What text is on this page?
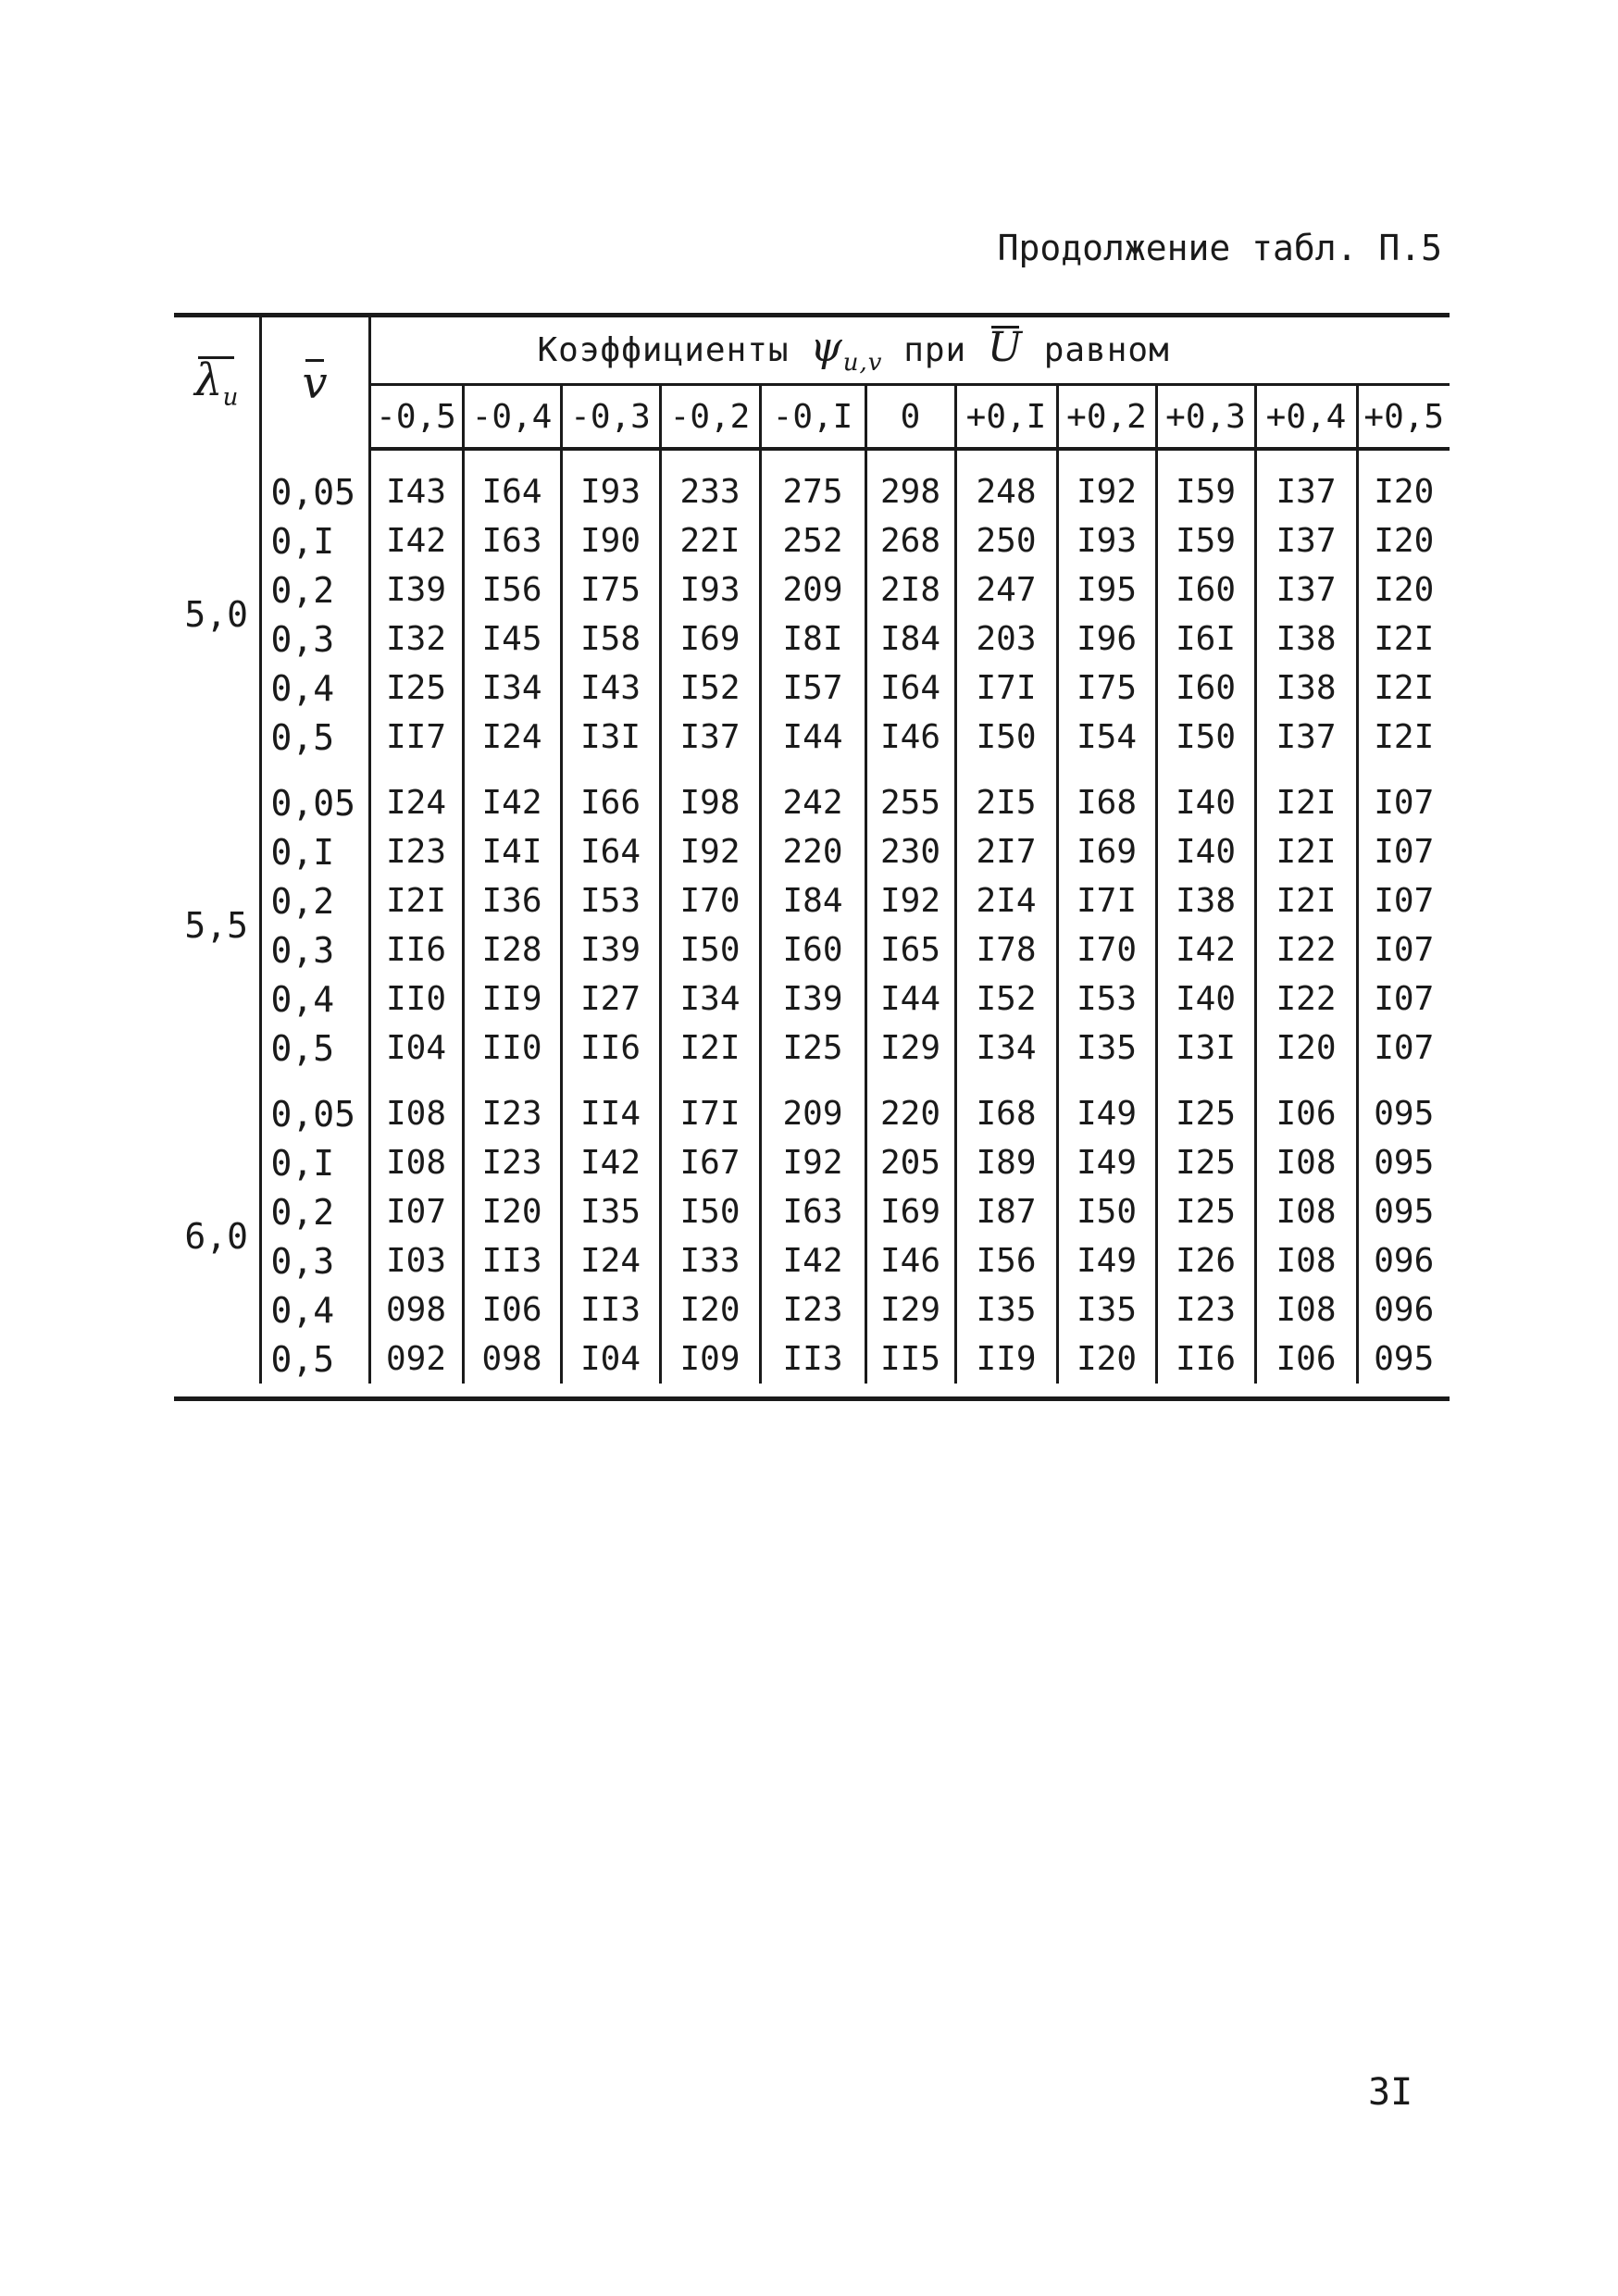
Продолжение табл. П.5
$\lambda_u$	v	Коэффициенты $\psi_{u,v}$ при U равном										
		-0,5	-0,4	-0,3	-0,2	-0,I	0	+0,I	+0,2	+0,3	+0,4	+0,5

5,0	0,05	I43	I64	I93	233	275	298	248	I92	I59	I37	I20
	0,I	I42	I63	I90	22I	252	268	250	I93	I59	I37	I20
	0,2	I39	I56	I75	I93	209	2I8	247	I95	I60	I37	I20
	0,3	I32	I45	I58	I69	I8I	I84	203	I96	I6I	I38	I2I
	0,4	I25	I34	I43	I52	I57	I64	I7I	I75	I60	I38	I2I
	0,5	II7	I24	I3I	I37	I44	I46	I50	I54	I50	I37	I2I

5,5	0,05	I24	I42	I66	I98	242	255	2I5	I68	I40	I2I	I07
	0,I	I23	I4I	I64	I92	220	230	2I7	I69	I40	I2I	I07
	0,2	I2I	I36	I53	I70	I84	I92	2I4	I7I	I38	I2I	I07
	0,3	II6	I28	I39	I50	I60	I65	I78	I70	I42	I22	I07
	0,4	II0	II9	I27	I34	I39	I44	I52	I53	I40	I22	I07
	0,5	I04	II0	II6	I2I	I25	I29	I34	I35	I3I	I20	I07

6,0	0,05	I08	I23	II4	I7I	209	220	I68	I49	I25	I06	095
	0,I	I08	I23	I42	I67	I92	205	I89	I49	I25	I08	095
	0,2	I07	I20	I35	I50	I63	I69	I87	I50	I25	I08	095
	0,3	I03	II3	I24	I33	I42	I46	I56	I49	I26	I08	096
	0,4	098	I06	II3	I20	I23	I29	I35	I35	I23	I08	096
	0,5	092	098	I04	I09	II3	II5	II9	I20	II6	I06	095
3I
